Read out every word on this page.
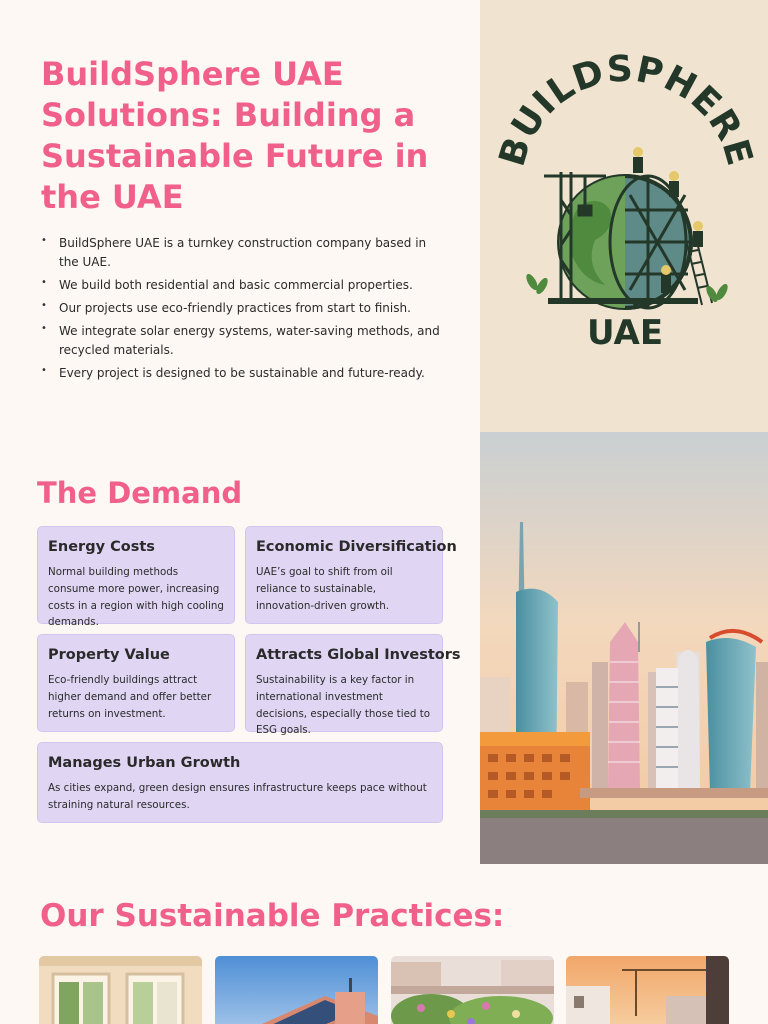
BuildSphere UAE Solutions: Building a Sustainable Future in the UAE
• BuildSphere UAE is a turnkey construction company based in the UAE.
• We build both residential and basic commercial properties.
• Our projects use eco-friendly practices from start to finish.
• We integrate solar energy systems, water-saving methods, and recycled materials.
• Every project is designed to be sustainable and future-ready.
BUILDSPHERE
UAE
The Demand
Energy Costs

Normal building methods consume more power, increasing costs in a region with high cooling demands.

Economic Diversification

UAE’s goal to shift from oil reliance to sustainable, innovation-driven growth.

Property Value

Eco-friendly buildings attract higher demand and offer better returns on investment.

Attracts Global Investors

Sustainability is a key factor in international investment decisions, especially those tied to ESG goals.

Manages Urban Growth

As cities expand, green design ensures infrastructure keeps pace without straining natural resources.

Our Sustainable Practices:
